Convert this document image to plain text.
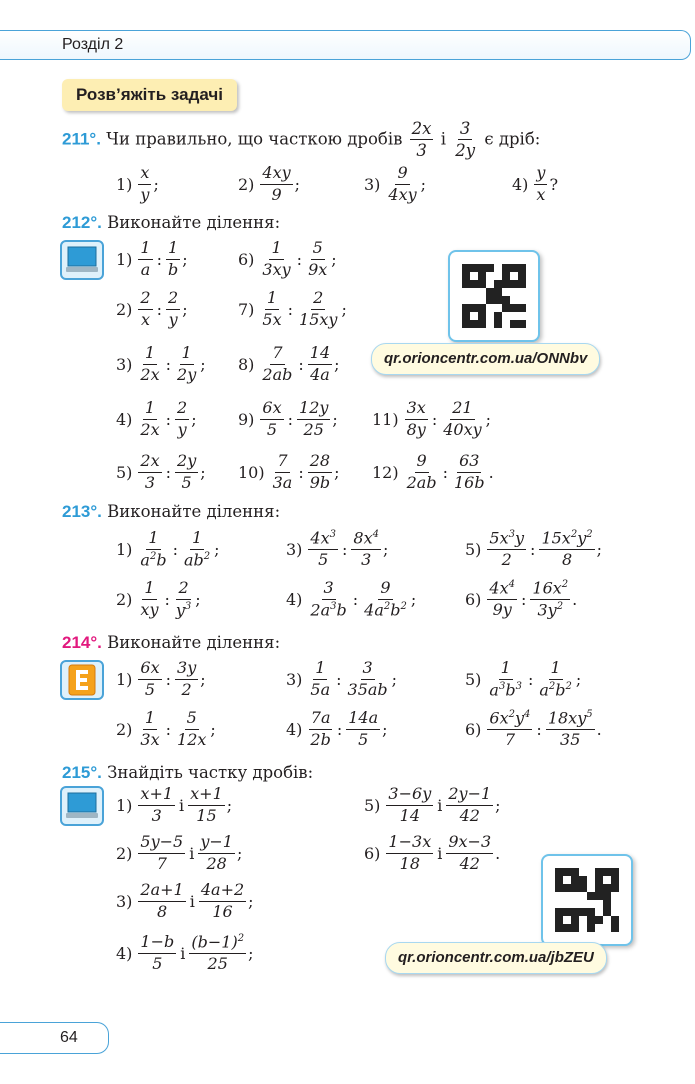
Розділ 2
Розв’яжіть задачі
211°. Чи правильно, що часткою дробів $\frac{2x}{3}$ і $\frac{3}{2y}$ є дріб:
$1) \frac{x}{y}$ ;	$2) \frac{4xy}{9}$ ;	$3) \frac{9}{4xy}$ ;	$4) \frac{y}{x}$ ?
212°. Виконайте ділення:
$1) \frac{1}{a}$ : $\frac{1}{b}$ ;
$2) \frac{2}{x}$ : $\frac{2}{y}$ ;
$3) \frac{1}{2x}$ : $\frac{1}{2y}$ ;
$4) \frac{1}{2x}$ : $\frac{2}{y}$ ;
$5) \frac{2x}{3}$ : $\frac{2y}{5}$ ;
$6) \frac{1}{3xy}$ : $\frac{5}{9x}$ ;
$7) \frac{1}{5x}$ : $\frac{2}{15xy}$ ;
$8) \frac{7}{2ab}$ : $\frac{14}{4a}$ ;
$9) \frac{6x}{5}$ : $\frac{12y}{25}$ ;
$10) \frac{7}{3a}$ : $\frac{28}{9b}$ ;
$11) \frac{3x}{8y}$ : $\frac{21}{40xy}$ ;
$12) \frac{9}{2ab}$ : $\frac{63}{16b}$ .
qr.orioncentr.com.ua/ONNbv
213°. Виконайте ділення:
$1) \frac{1}{a^2b}$ : $\frac{1}{ab^2}$ ;
$2) \frac{1}{xy}$ : $\frac{2}{y^3}$ ;
$3) \frac{4x^3}{5}$ : $\frac{8x^4}{3}$ ;
$4) \frac{3}{2a^3b}$ : $\frac{9}{4a^2b^2}$ ;
$5) \frac{5x^3y}{2}$ : $\frac{15x^2y^2}{8}$ ;
$6) \frac{4x^4}{9y}$ : $\frac{16x^2}{3y^2}$ .
214°. Виконайте ділення:
$1) \frac{6x}{5}$ : $\frac{3y}{2}$ ;
$2) \frac{1}{3x}$ : $\frac{5}{12x}$ ;
$3) \frac{1}{5a}$ : $\frac{3}{35ab}$ ;
$4) \frac{7a}{2b}$ : $\frac{14a}{5}$ ;
$5) \frac{1}{a^3b^3}$ : $\frac{1}{a^2b^2}$ ;
$6) \frac{6x^2y^4}{7}$ : $\frac{18xy^5}{35}$ .
215°. Знайдіть частку дробів:
$1) \frac{x+1}{3}$ і $\frac{x+1}{15}$ ;
$2) \frac{5y-5}{7}$ і $\frac{y-1}{28}$ ;
$3) \frac{2a+1}{8}$ і $\frac{4a+2}{16}$ ;
$4) \frac{1-b}{5}$ і $\frac{(b-1)^2}{25}$ ;
$5) \frac{3-6y}{14}$ і $\frac{2y-1}{42}$ ;
$6) \frac{1-3x}{18}$ і $\frac{9x-3}{42}$ .
qr.orioncentr.com.ua/jbZEU
64
